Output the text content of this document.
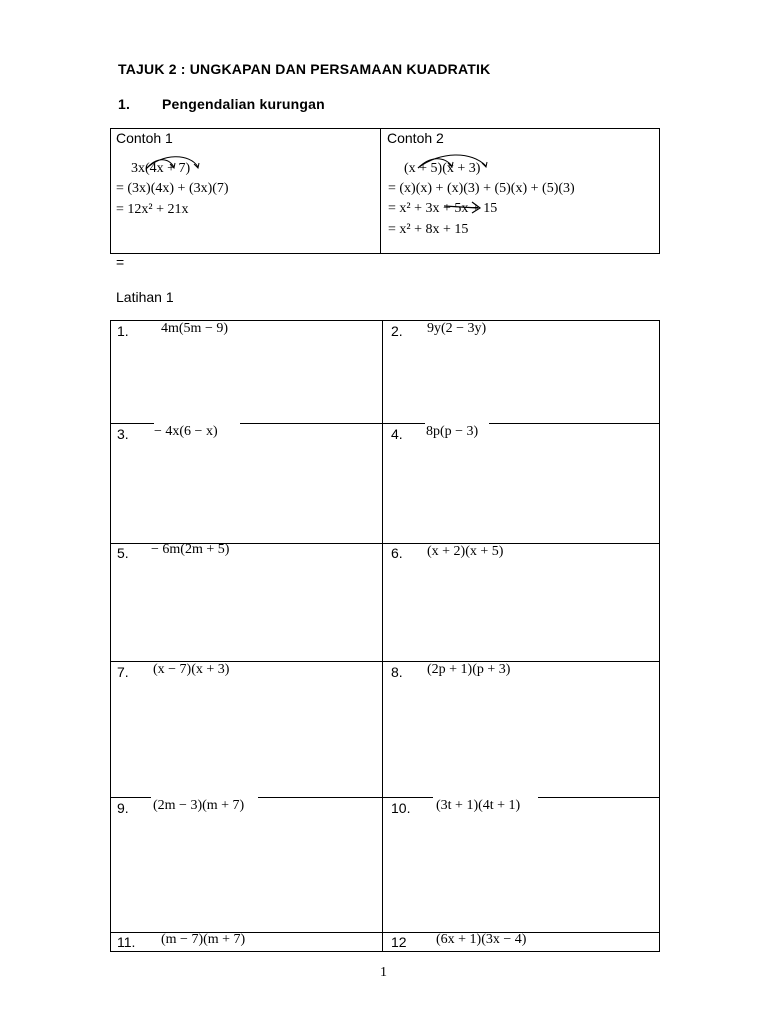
TAJUK 2 : UNGKAPAN DAN PERSAMAAN KUADRATIK
1. Pengendalian kurungan
Contoh 1
3x(4x + 7)
= (3x)(4x) + (3x)(7)
= 12x² + 21x
Contoh 2
(x + 5)(x + 3)
= (x)(x) + (x)(3) + (5)(x) + (5)(3)
= x² + 3x + 5x + 15
= x² + 8x + 15
=
Latihan 1
1. 4m(5m − 9)	2. 9y(2 − 3y)
3. − 4x(6 − x)	4. 8p(p − 3)
5. − 6m(2m + 5)	6. (x + 2)(x + 5)
7. (x − 7)(x + 3)	8. (2p + 1)(p + 3)
9. (2m − 3)(m + 7)	10. (3t + 1)(4t + 1)
11. (m − 7)(m + 7)	12 (6x + 1)(3x − 4)
1
